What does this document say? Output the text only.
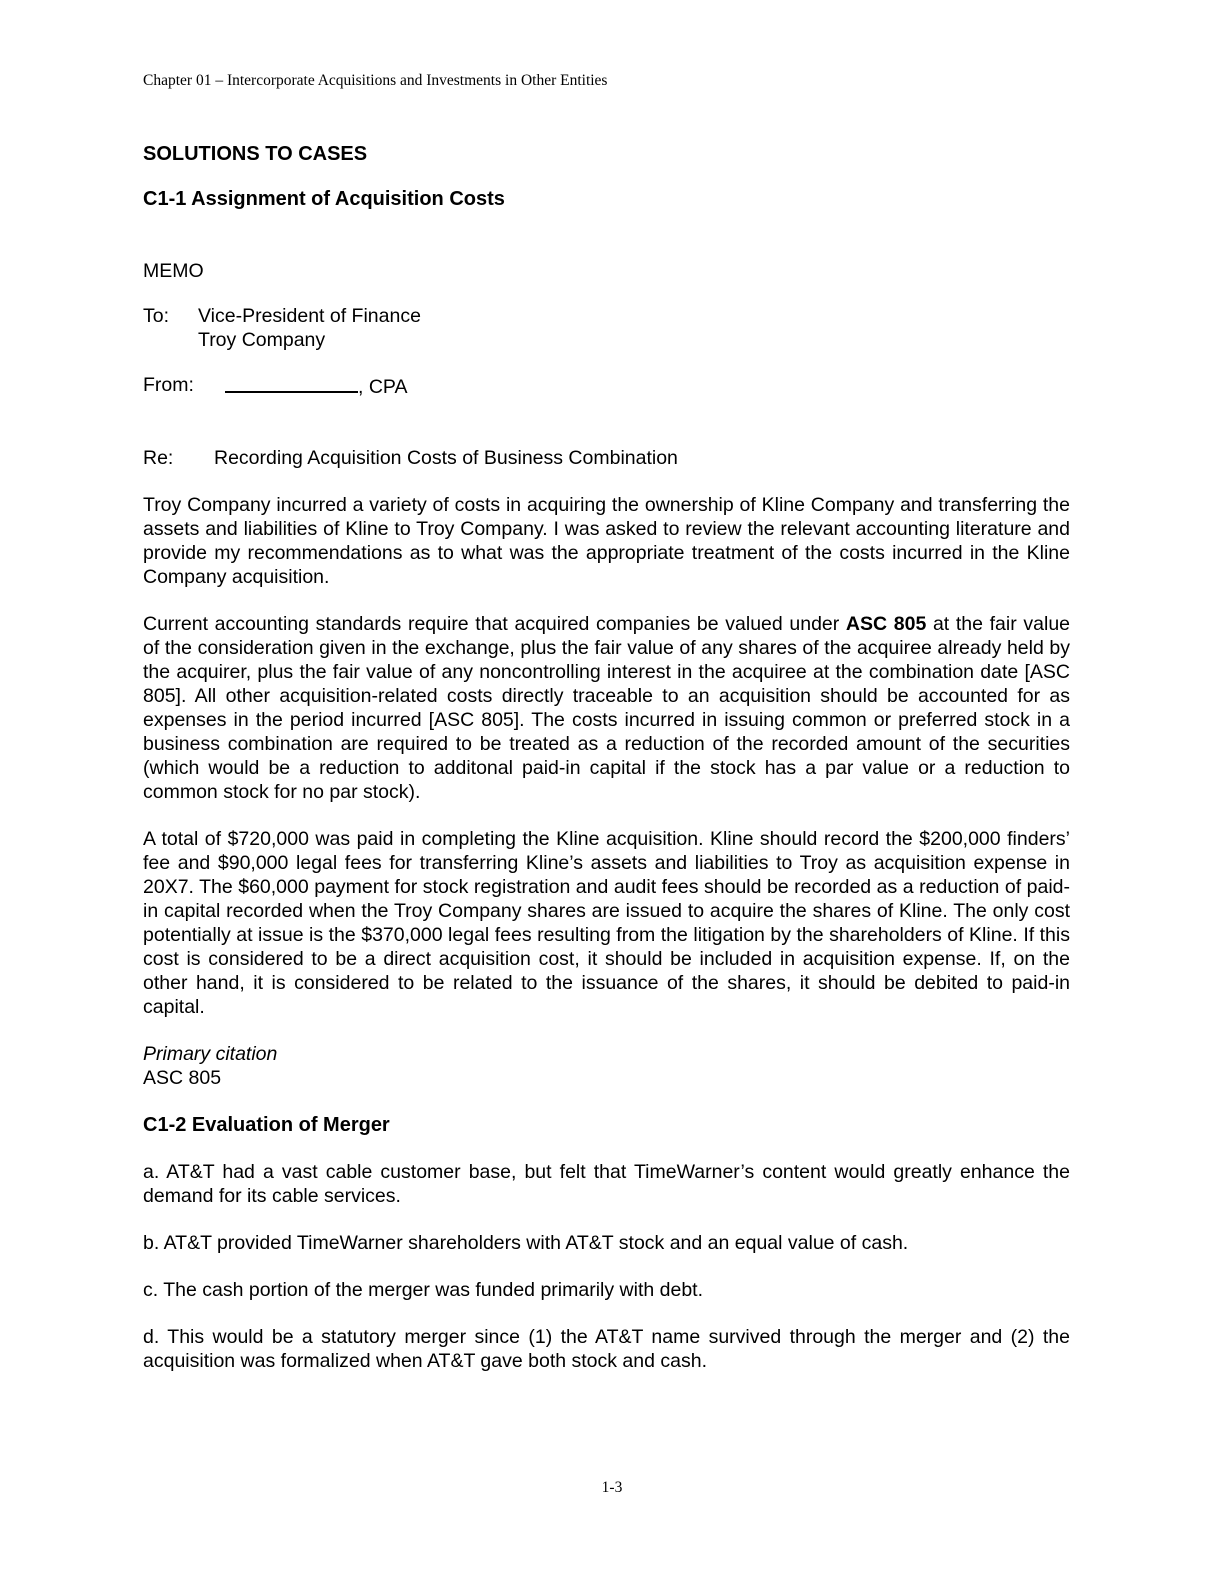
Chapter 01 – Intercorporate Acquisitions and Investments in Other Entities
SOLUTIONS TO CASES
C1-1 Assignment of Acquisition Costs
MEMO
To:	Vice-President of Finance
Troy Company
From:	, CPA
Re:	Recording Acquisition Costs of Business Combination

Troy Company incurred a variety of costs in acquiring the ownership of Kline Company and transferring the assets and liabilities of Kline to Troy Company. I was asked to review the relevant accounting literature and provide my recommendations as to what was the appropriate treatment of the costs incurred in the Kline Company acquisition.

Current accounting standards require that acquired companies be valued under ASC 805 at the fair value of the consideration given in the exchange, plus the fair value of any shares of the acquiree already held by the acquirer, plus the fair value of any noncontrolling interest in the acquiree at the combination date [ASC 805]. All other acquisition-related costs directly traceable to an acquisition should be accounted for as expenses in the period incurred [ASC 805]. The costs incurred in issuing common or preferred stock in a business combination are required to be treated as a reduction of the recorded amount of the securities (which would be a reduction to additonal paid-in capital if the stock has a par value or a reduction to common stock for no par stock).

A total of $720,000 was paid in completing the Kline acquisition. Kline should record the $200,000 finders’ fee and $90,000 legal fees for transferring Kline’s assets and liabilities to Troy as acquisition expense in 20X7. The $60,000 payment for stock registration and audit fees should be recorded as a reduction of paid-in capital recorded when the Troy Company shares are issued to acquire the shares of Kline. The only cost potentially at issue is the $370,000 legal fees resulting from the litigation by the shareholders of Kline. If this cost is considered to be a direct acquisition cost, it should be included in acquisition expense. If, on the other hand, it is considered to be related to the issuance of the shares, it should be debited to paid-in capital.

Primary citation
ASC 805
C1-2 Evaluation of Merger
a. AT&T had a vast cable customer base, but felt that TimeWarner’s content would greatly enhance the demand for its cable services.
b. AT&T provided TimeWarner shareholders with AT&T stock and an equal value of cash.
c. The cash portion of the merger was funded primarily with debt.
d. This would be a statutory merger since (1) the AT&T name survived through the merger and (2) the acquisition was formalized when AT&T gave both stock and cash.
1-3
